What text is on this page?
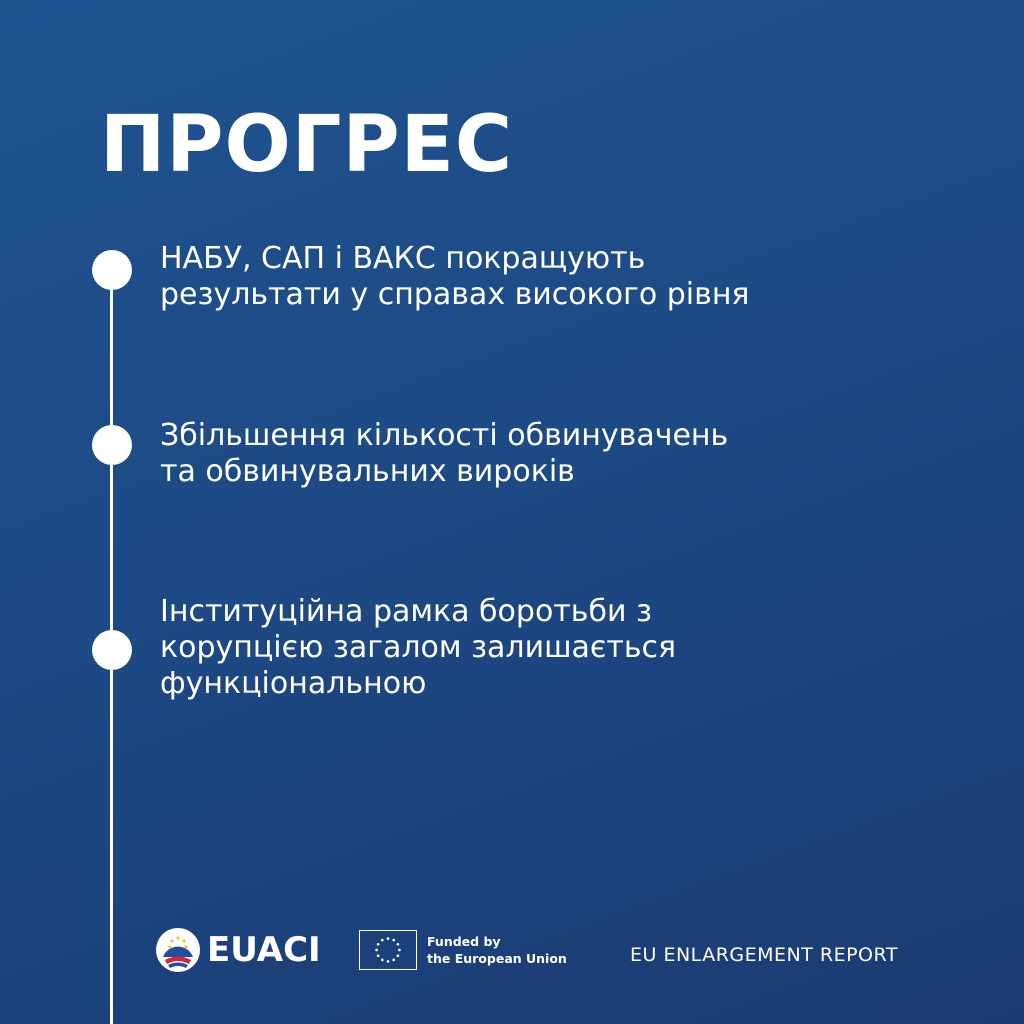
ПРОГРЕС

НАБУ, САП і ВАКС покращують
результати у справах високого рівня

Збільшення кількості обвинувачень
та обвинувальних вироків

Інституційна рамка боротьби з
корупцією загалом залишається
функціональною

EUACI	Funded by
the European Union	EU ENLARGEMENT REPORT
